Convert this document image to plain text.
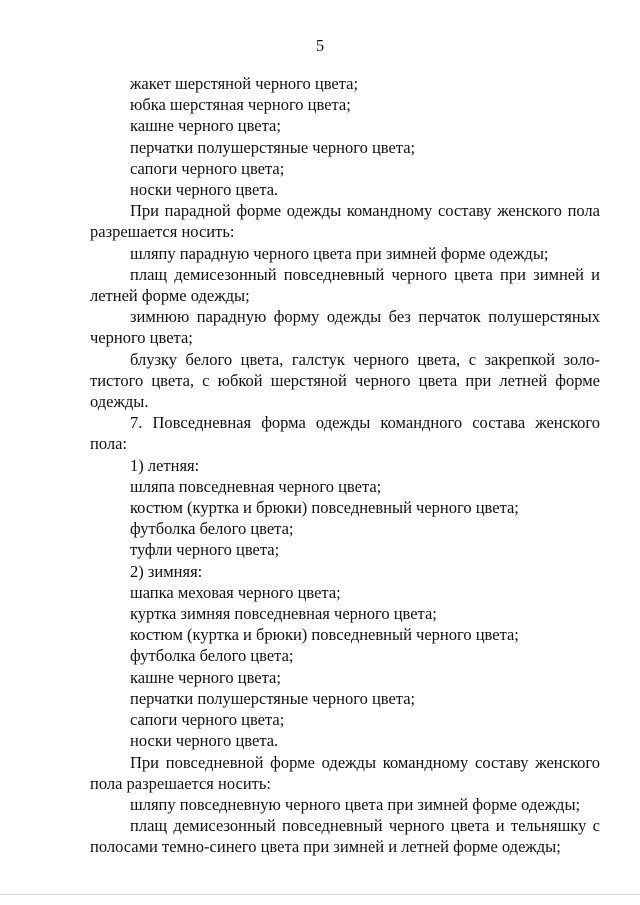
5
жакет шерстяной черного цвета;
юбка шерстяная черного цвета;
кашне черного цвета;
перчатки полушерстяные черного цвета;
сапоги черного цвета;
носки черного цвета.
При парадной форме одежды командному составу женского пола разрешается носить:
шляпу парадную черного цвета при зимней форме одежды;
плащ демисезонный повседневный черного цвета при зимней и летней форме одежды;
зимнюю парадную форму одежды без перчаток полушерстяных черного цвета;
блузку белого цвета, галстук черного цвета, с закрепкой золотистого цвета, с юбкой шерстяной черного цвета при летней форме одежды.
7. Повседневная форма одежды командного состава женского пола:
1) летняя:
шляпа повседневная черного цвета;
костюм (куртка и брюки) повседневный черного цвета;
футболка белого цвета;
туфли черного цвета;
2) зимняя:
шапка меховая черного цвета;
куртка зимняя повседневная черного цвета;
костюм (куртка и брюки) повседневный черного цвета;
футболка белого цвета;
кашне черного цвета;
перчатки полушерстяные черного цвета;
сапоги черного цвета;
носки черного цвета.
При повседневной форме одежды командному составу женского пола разрешается носить:
шляпу повседневную черного цвета при зимней форме одежды;
плащ демисезонный повседневный черного цвета и тельняшку с полосами темно-синего цвета при зимней и летней форме одежды;
